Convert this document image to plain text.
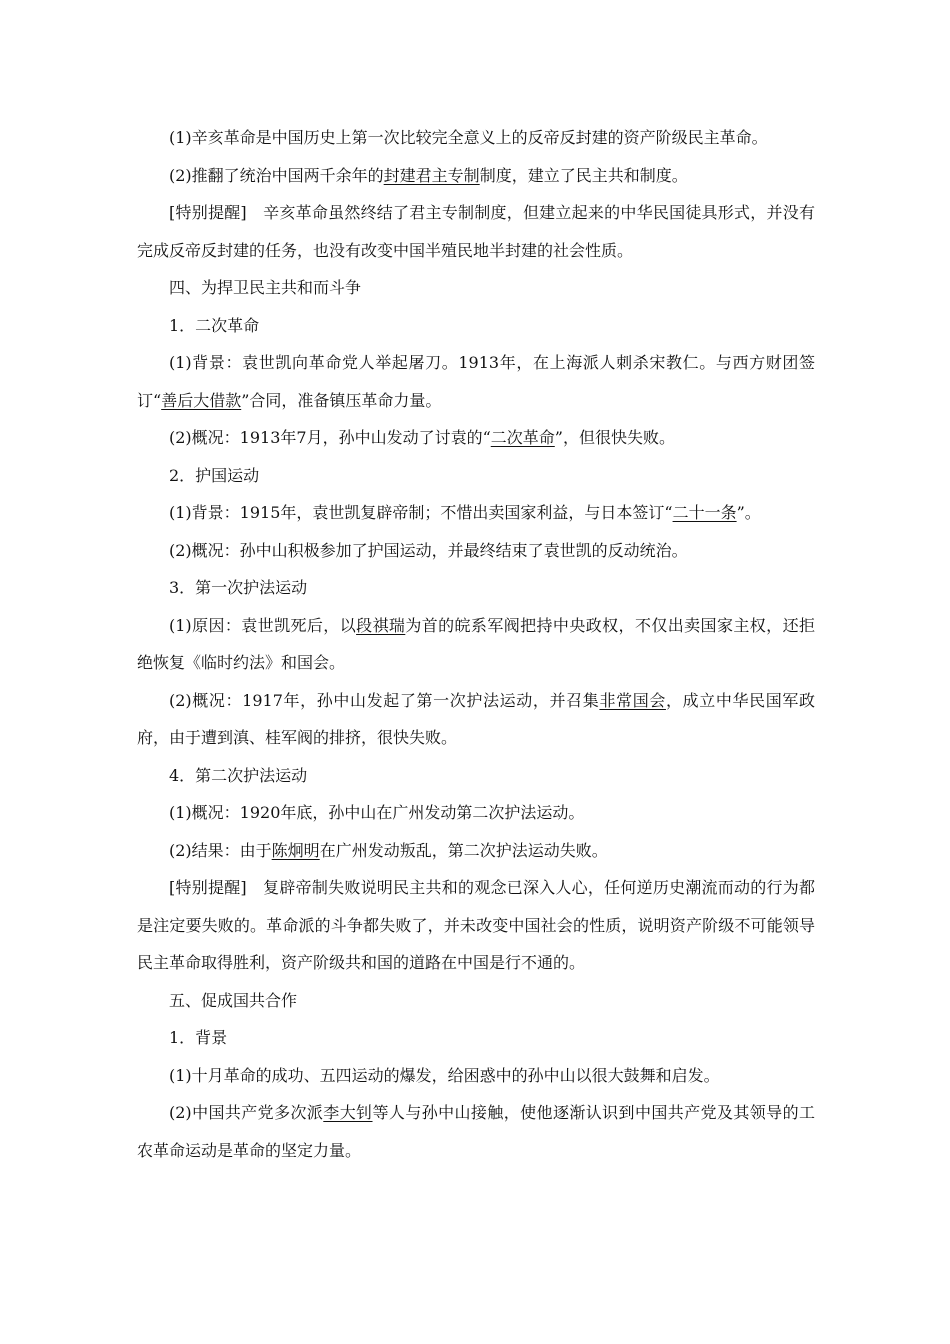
(1)辛亥革命是中国历史上第一次比较完全意义上的反帝反封建的资产阶级民主革命。

(2)推翻了统治中国两千余年的封建君主专制制度，建立了民主共和制度。

[特别提醒]　辛亥革命虽然终结了君主专制制度，但建立起来的中华民国徒具形式，并没有完成反帝反封建的任务，也没有改变中国半殖民地半封建的社会性质。

四、为捍卫民主共和而斗争

1．二次革命

(1)背景：袁世凯向革命党人举起屠刀。1913年，在上海派人刺杀宋教仁。与西方财团签订“善后大借款”合同，准备镇压革命力量。

(2)概况：1913年7月，孙中山发动了讨袁的“二次革命”，但很快失败。

2．护国运动

(1)背景：1915年，袁世凯复辟帝制；不惜出卖国家利益，与日本签订“二十一条”。

(2)概况：孙中山积极参加了护国运动，并最终结束了袁世凯的反动统治。

3．第一次护法运动

(1)原因：袁世凯死后，以段祺瑞为首的皖系军阀把持中央政权，不仅出卖国家主权，还拒绝恢复《临时约法》和国会。

(2)概况：1917年，孙中山发起了第一次护法运动，并召集非常国会，成立中华民国军政府，由于遭到滇、桂军阀的排挤，很快失败。

4．第二次护法运动

(1)概况：1920年底，孙中山在广州发动第二次护法运动。

(2)结果：由于陈炯明在广州发动叛乱，第二次护法运动失败。

[特别提醒]　复辟帝制失败说明民主共和的观念已深入人心，任何逆历史潮流而动的行为都是注定要失败的。革命派的斗争都失败了，并未改变中国社会的性质，说明资产阶级不可能领导民主革命取得胜利，资产阶级共和国的道路在中国是行不通的。

五、促成国共合作

1．背景

(1)十月革命的成功、五四运动的爆发，给困惑中的孙中山以很大鼓舞和启发。

(2)中国共产党多次派李大钊等人与孙中山接触，使他逐渐认识到中国共产党及其领导的工农革命运动是革命的坚定力量。
